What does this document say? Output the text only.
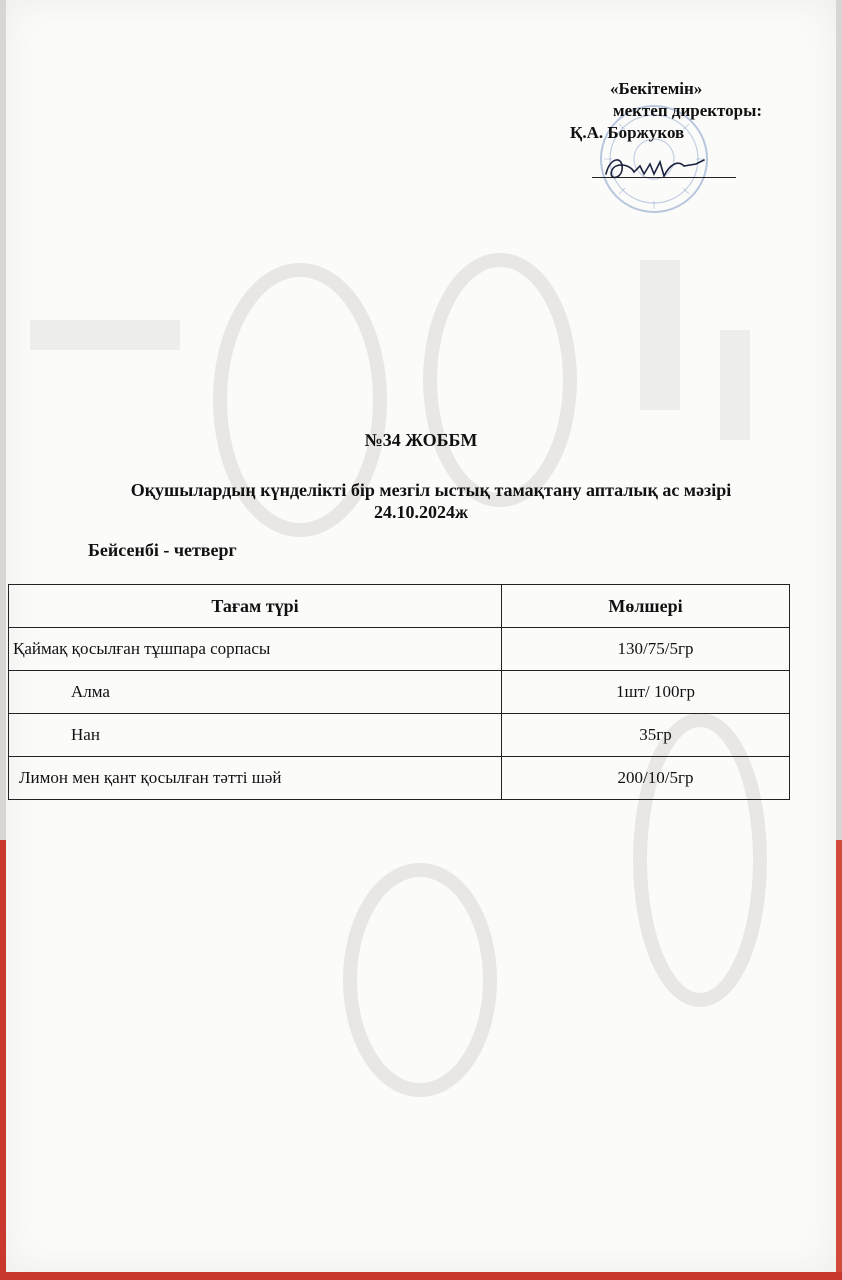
«Бекітемін»
мектеп директоры:
Қ.А. Боржуков
№34 ЖОББМ
Оқушылардың күнделікті бір мезгіл ыстық тамақтану апталық ас мәзірі
24.10.2024ж
Бейсенбі - четверг
Тағам түрі	Мөлшері
Қаймақ қосылған тұшпара сорпасы	130/75/5гр
Алма	1шт/ 100гр
Нан	35гр
Лимон мен қант қосылған тәтті шәй	200/10/5гр
